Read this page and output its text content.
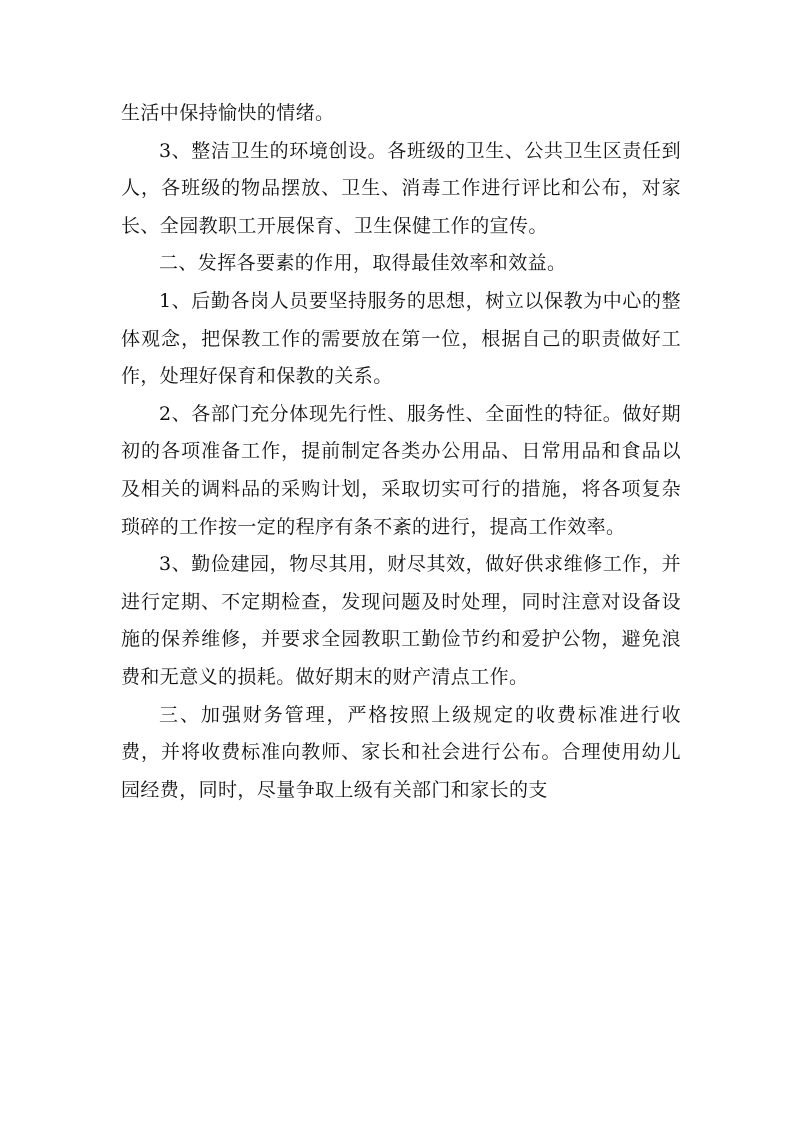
生活中保持愉快的情绪。

3、整洁卫生的环境创设。各班级的卫生、公共卫生区责任到人，各班级的物品摆放、卫生、消毒工作进行评比和公布，对家长、全园教职工开展保育、卫生保健工作的宣传。

二、发挥各要素的作用，取得最佳效率和效益。

1、后勤各岗人员要坚持服务的思想，树立以保教为中心的整体观念，把保教工作的需要放在第一位，根据自己的职责做好工作，处理好保育和保教的关系。

2、各部门充分体现先行性、服务性、全面性的特征。做好期初的各项准备工作，提前制定各类办公用品、日常用品和食品以及相关的调料品的采购计划，采取切实可行的措施，将各项复杂琐碎的工作按一定的程序有条不紊的进行，提高工作效率。

3、勤俭建园，物尽其用，财尽其效，做好供求维修工作，并进行定期、不定期检查，发现问题及时处理，同时注意对设备设施的保养维修，并要求全园教职工勤俭节约和爱护公物，避免浪费和无意义的损耗。做好期末的财产清点工作。

三、加强财务管理，严格按照上级规定的收费标准进行收费，并将收费标准向教师、家长和社会进行公布。合理使用幼儿园经费，同时，尽量争取上级有关部门和家长的支
